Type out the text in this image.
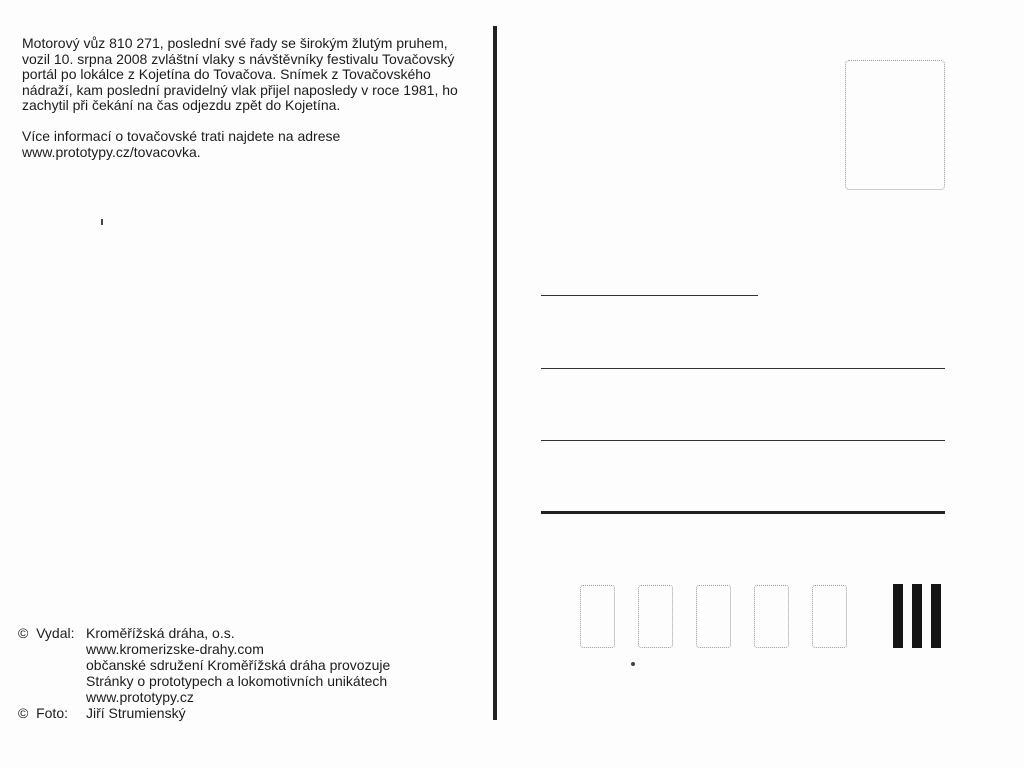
Motorový vůz 810 271, poslední své řady se širokým žlutým pruhem, vozil 10. srpna 2008 zvláštní vlaky s návštěvníky festivalu Tovačovský portál po lokálce z Kojetína do Tovačova. Snímek z Tovačovského nádraží, kam poslední pravidelný vlak přijel naposledy v roce 1981, ho zachytil při čekání na čas odjezdu zpět do Kojetína.

Více informací o tovačovské trati najdete na adrese www.prototypy.cz/tovacovka.

©  Vydal: Kroměřížská dráha, o.s.
www.kromerizske-drahy.com
občanské sdružení Kroměřížská dráha provozuje
Stránky o prototypech a lokomotivních unikátech
www.prototypy.cz
©  Foto:	Jiří Strumienský
